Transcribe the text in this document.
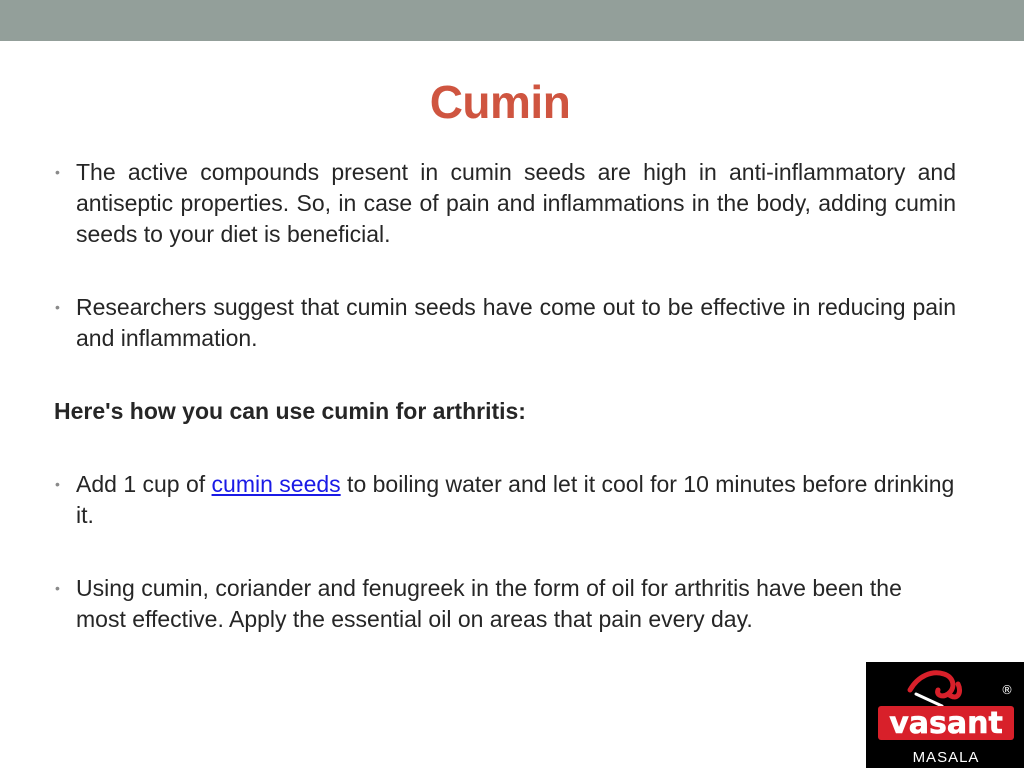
Cumin

• The active compounds present in cumin seeds are high in anti-inflammatory and antiseptic properties. So, in case of pain and inflammations in the body, adding cumin seeds to your diet is beneficial.

• Researchers suggest that cumin seeds have come out to be effective in reducing pain and inflammation.

Here's how you can use cumin for arthritis:

• Add 1 cup of cumin seeds to boiling water and let it cool for 10 minutes before drinking it.

• Using cumin, coriander and fenugreek in the form of oil for arthritis have been the most effective. Apply the essential oil on areas that pain every day.

vasant
®
MASALA
